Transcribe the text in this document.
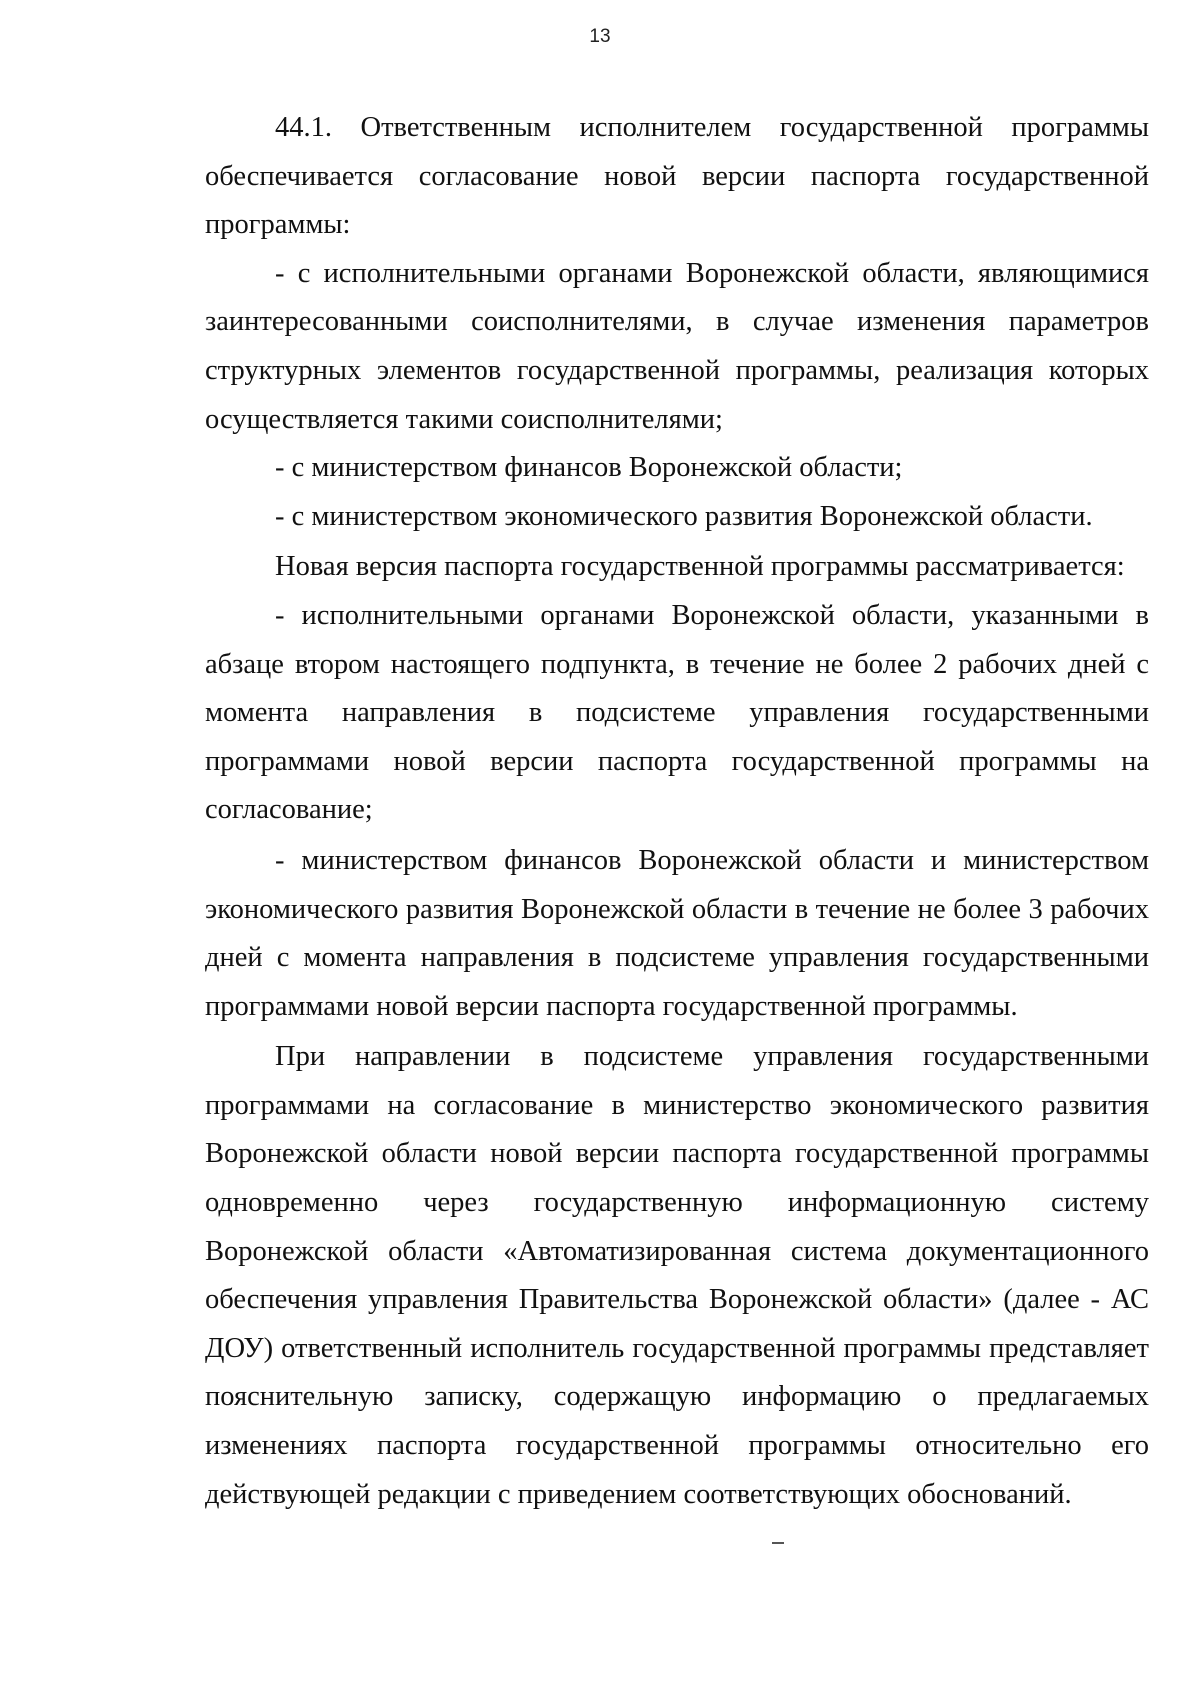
13

44.1. Ответственным исполнителем государственной программы обеспечивается согласование новой версии паспорта государственной программы:

- с исполнительными органами Воронежской области, являющимися заинтересованными соисполнителями, в случае изменения параметров структурных элементов государственной программы, реализация которых осуществляется такими соисполнителями;

- с министерством финансов Воронежской области;

- с министерством экономического развития Воронежской области.

Новая версия паспорта государственной программы рассматривается:

- исполнительными органами Воронежской области, указанными в абзаце втором настоящего подпункта, в течение не более 2 рабочих дней с момента направления в подсистеме управления государственными программами новой версии паспорта государственной программы на согласование;

- министерством финансов Воронежской области и министерством экономического развития Воронежской области в течение не более 3 рабочих дней с момента направления в подсистеме управления государственными программами новой версии паспорта государственной программы.

При направлении в подсистеме управления государственными программами на согласование в министерство экономического развития Воронежской области новой версии паспорта государственной программы одновременно через государственную информационную систему Воронежской области «Автоматизированная система документационного обеспечения управления Правительства Воронежской области» (далее - АС ДОУ) ответственный исполнитель государственной программы представляет пояснительную записку, содержащую информацию о предлагаемых изменениях паспорта государственной программы относительно его действующей редакции с приведением соответствующих обоснований.
